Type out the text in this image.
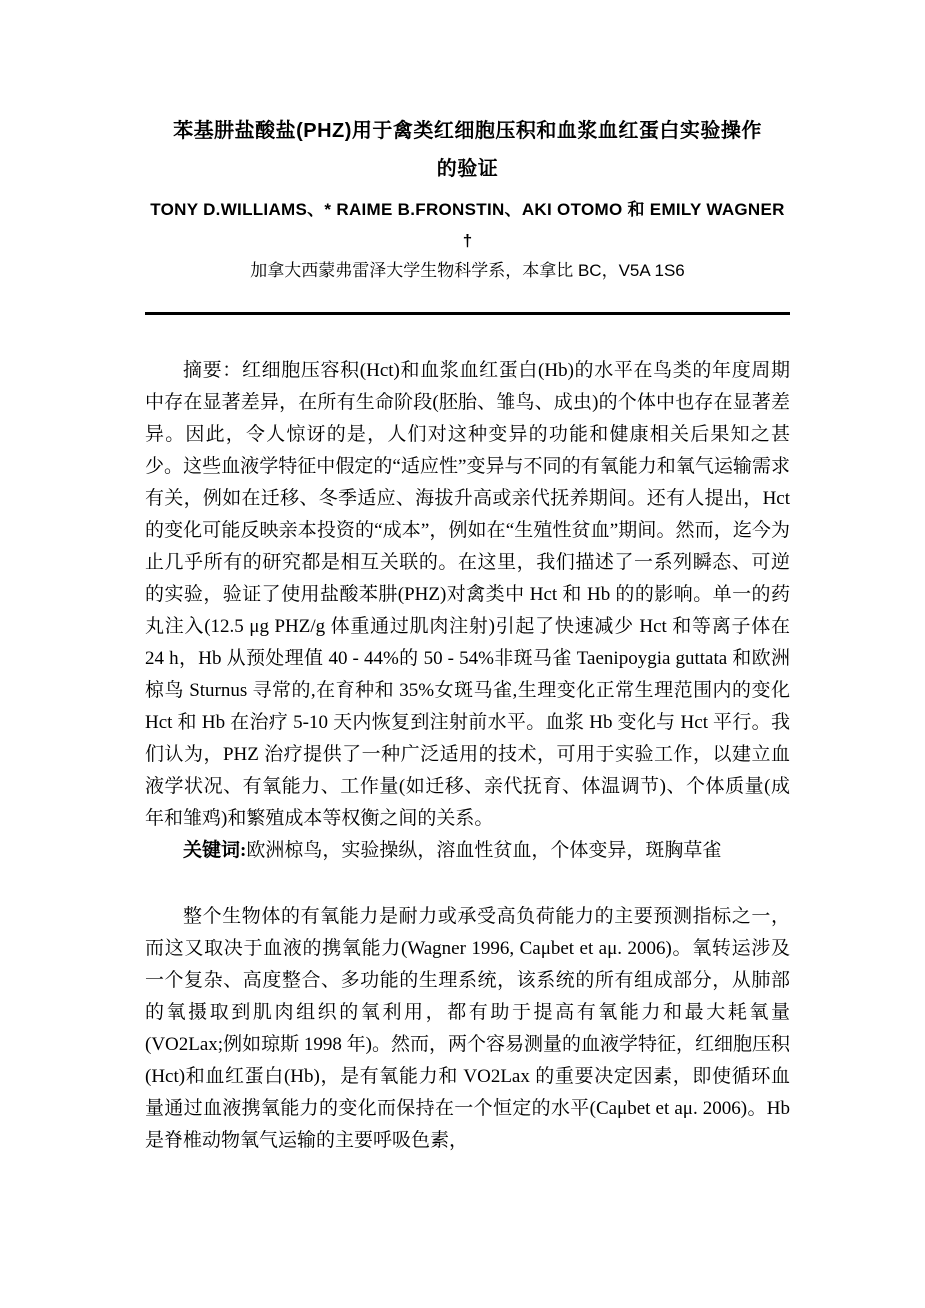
苯基肼盐酸盐(PHZ)用于禽类红细胞压积和血浆血红蛋白实验操作
的验证
TONY D.WILLIAMS、* RAIME B.FRONSTIN、AKI OTOMO 和 EMILY WAGNER
†
加拿大西蒙弗雷泽大学生物科学系，本拿比 BC，V5A 1S6

摘要：红细胞压容积(Hct)和血浆血红蛋白(Hb)的水平在鸟类的年度周期中存在显著差异，在所有生命阶段(胚胎、雏鸟、成虫)的个体中也存在显著差异。因此，令人惊讶的是，人们对这种变异的功能和健康相关后果知之甚少。这些血液学特征中假定的“适应性”变异与不同的有氧能力和氧气运输需求有关，例如在迁移、冬季适应、海拔升高或亲代抚养期间。还有人提出，Hct 的变化可能反映亲本投资的“成本”，例如在“生殖性贫血”期间。然而，迄今为止几乎所有的研究都是相互关联的。在这里，我们描述了一系列瞬态、可逆的实验，验证了使用盐酸苯肼(PHZ)对禽类中 Hct 和 Hb 的的影响。单一的药丸注入(12.5 μg PHZ/g 体重通过肌肉注射)引起了快速减少 Hct 和等离子体在 24 h，Hb 从预处理值 40 - 44%的 50 - 54%非斑马雀 Taenipoygia guttata 和欧洲椋鸟 Sturnus 寻常的,在育种和 35%女斑马雀,生理变化正常生理范围内的变化 Hct 和 Hb 在治疗 5-10 天内恢复到注射前水平。血浆 Hb 变化与 Hct 平行。我们认为，PHZ 治疗提供了一种广泛适用的技术，可用于实验工作，以建立血液学状况、有氧能力、工作量(如迁移、亲代抚育、体温调节)、个体质量(成年和雏鸡)和繁殖成本等权衡之间的关系。

关键词:欧洲椋鸟，实验操纵，溶血性贫血，个体变异，斑胸草雀

整个生物体的有氧能力是耐力或承受高负荷能力的主要预测指标之一，而这又取决于血液的携氧能力(Wagner 1996, Caμbet et aμ. 2006)。氧转运涉及一个复杂、高度整合、多功能的生理系统，该系统的所有组成部分，从肺部的氧摄取到肌肉组织的氧利用，都有助于提高有氧能力和最大耗氧量(VO2Lax;例如琼斯 1998 年)。然而，两个容易测量的血液学特征，红细胞压积(Hct)和血红蛋白(Hb)，是有氧能力和 VO2Lax 的重要决定因素，即使循环血量通过血液携氧能力的变化而保持在一个恒定的水平(Caμbet et aμ. 2006)。Hb 是脊椎动物氧气运输的主要呼吸色素，
